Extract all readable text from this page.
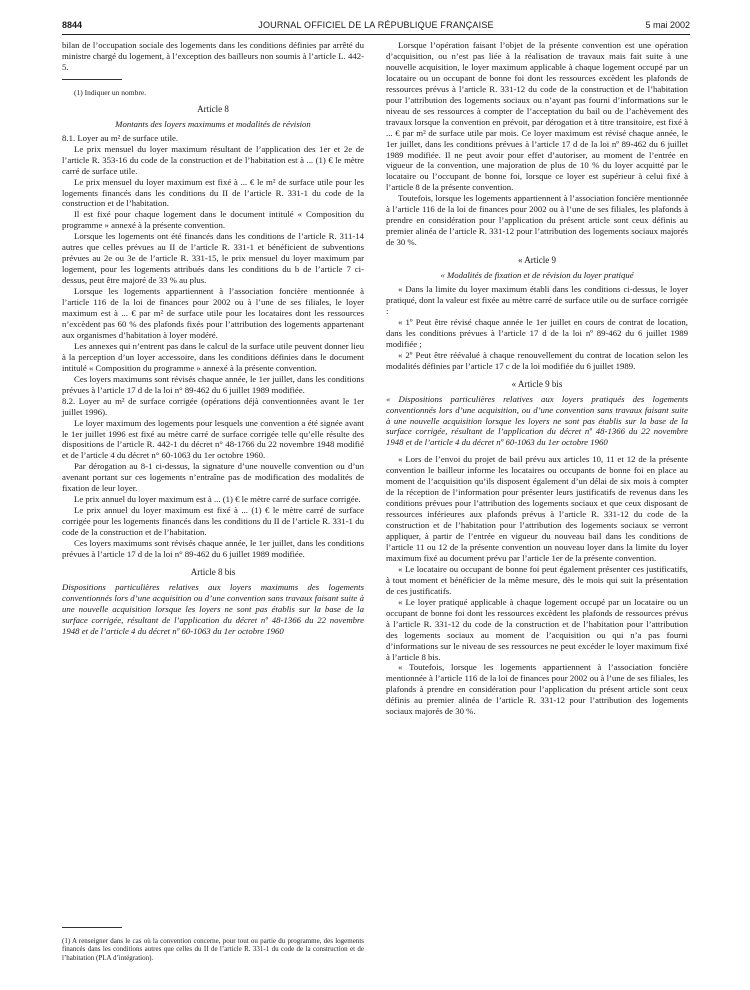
8844	JOURNAL OFFICIEL DE LA RÉPUBLIQUE FRANÇAISE	5 mai 2002

bilan de l’occupation sociale des logements dans les conditions définies par arrêté du ministre chargé du logement, à l’exception des bailleurs non soumis à l’article L. 442-5.

(1) Indiquer un nombre.

Article 8

Montants des loyers maximums et modalités de révision

8.1. Loyer au m² de surface utile.

Le prix mensuel du loyer maximum résultant de l’application des 1er et 2e de l’article R. 353-16 du code de la construction et de l’habitation est à ... (1) € le mètre carré de surface utile.

Le prix mensuel du loyer maximum est fixé à ... € le m² de surface utile pour les logements financés dans les conditions du II de l’article R. 331-1 du code de la construction et de l’habitation.

Il est fixé pour chaque logement dans le document intitulé « Composition du programme » annexé à la présente convention.

Lorsque les logements ont été financés dans les conditions de l’article R. 311-14 autres que celles prévues au II de l’article R. 331-1 et bénéficient de subventions prévues au 2e ou 3e de l’article R. 331-15, le prix mensuel du loyer maximum par logement, pour les logements attribués dans les conditions du b de l’article 7 ci-dessus, peut être majoré de 33 % au plus.

Lorsque les logements appartiennent à l’association foncière mentionnée à l’article 116 de la loi de finances pour 2002 ou à l’une de ses filiales, le loyer maximum est à ... € par m² de surface utile pour les locataires dont les ressources n’excèdent pas 60 % des plafonds fixés pour l’attribution des logements appartenant aux organismes d’habitation à loyer modéré.

Les annexes qui n’entrent pas dans le calcul de la surface utile peuvent donner lieu à la perception d’un loyer accessoire, dans les conditions définies dans le document intitulé « Composition du programme » annexé à la présente convention.

Ces loyers maximums sont révisés chaque année, le 1er juillet, dans les conditions prévues à l’article 17 d de la loi n° 89-462 du 6 juillet 1989 modifiée.

8.2. Loyer au m² de surface corrigée (opérations déjà conventionnées avant le 1er juillet 1996).

Le loyer maximum des logements pour lesquels une convention a été signée avant le 1er juillet 1996 est fixé au mètre carré de surface corrigée telle qu’elle résulte des dispositions de l’article R. 442-1 du décret n° 48-1766 du 22 novembre 1948 modifié et de l’article 4 du décret n° 60-1063 du 1er octobre 1960.

Par dérogation au 8-1 ci-dessus, la signature d’une nouvelle convention ou d’un avenant portant sur ces logements n’entraîne pas de modification des modalités de fixation de leur loyer.

Le prix annuel du loyer maximum est à ... (1) € le mètre carré de surface corrigée.

Le prix annuel du loyer maximum est fixé à ... (1) € le mètre carré de surface corrigée pour les logements financés dans les conditions du II de l’article R. 331-1 du code de la construction et de l’habitation.

Ces loyers maximums sont révisés chaque année, le 1er juillet, dans les conditions prévues à l’article 17 d de la loi n° 89-462 du 6 juillet 1989 modifiée.

Article 8 bis

Dispositions particulières relatives aux loyers maximums des logements conventionnés lors d’une acquisition ou d’une convention sans travaux faisant suite à une nouvelle acquisition lorsque les loyers ne sont pas établis sur la base de la surface corrigée, résultant de l’application du décret nº 48-1366 du 22 novembre 1948 et de l’article 4 du décret nº 60-1063 du 1er octobre 1960

(1) A renseigner dans le cas où la convention concerne, pour tout ou partie du programme, des logements financés dans les conditions autres que celles du II de l’article R. 331-1 du code de la construction et de l’habitation (PLA d’intégration).

Lorsque l’opération faisant l’objet de la présente convention est une opération d’acquisition, ou n’est pas liée à la réalisation de travaux mais fait suite à une nouvelle acquisition, le loyer maximum applicable à chaque logement occupé par un locataire ou un occupant de bonne foi dont les ressources excèdent les plafonds de ressources prévus à l’article R. 331-12 du code de la construction et de l’habitation pour l’attribution des logements sociaux ou n’ayant pas fourni d’informations sur le niveau de ses ressources à compter de l’acceptation du bail ou de l’achèvement des travaux lorsque la convention en prévoit, par dérogation et à titre transitoire, est fixé à ... € par m² de surface utile par mois. Ce loyer maximum est révisé chaque année, le 1er juillet, dans les conditions prévues à l’article 17 d de la loi nº 89-462 du 6 juillet 1989 modifiée. Il ne peut avoir pour effet d’autoriser, au moment de l’entrée en vigueur de la convention, une majoration de plus de 10 % du loyer acquitté par le locataire ou l’occupant de bonne foi, lorsque ce loyer est supérieur à celui fixé à l’article 8 de la présente convention.

Toutefois, lorsque les logements appartiennent à l’association foncière mentionnée à l’article 116 de la loi de finances pour 2002 ou à l’une de ses filiales, les plafonds à prendre en considération pour l’application du présent article sont ceux définis au premier alinéa de l’article R. 331-12 pour l’attribution des logements sociaux majorés de 30 %.

« Article 9

« Modalités de fixation et de révision du loyer pratiqué

« Dans la limite du loyer maximum établi dans les conditions ci-dessus, le loyer pratiqué, dont la valeur est fixée au mètre carré de surface utile ou de surface corrigée :

« 1º Peut être révisé chaque année le 1er juillet en cours de contrat de location, dans les conditions prévues à l’article 17 d de la loi nº 89-462 du 6 juillet 1989 modifiée ;

« 2º Peut être réévalué à chaque renouvellement du contrat de location selon les modalités définies par l’article 17 c de la loi modifiée du 6 juillet 1989.

« Article 9 bis

« Dispositions particulières relatives aux loyers pratiqués des logements conventionnés lors d’une acquisition, ou d’une convention sans travaux faisant suite à une nouvelle acquisition lorsque les loyers ne sont pas établis sur la base de la surface corrigée, résultant de l’application du décret nº 48-1366 du 22 novembre 1948 et de l’article 4 du décret nº 60-1063 du 1er octobre 1960

« Lors de l’envoi du projet de bail prévu aux articles 10, 11 et 12 de la présente convention le bailleur informe les locataires ou occupants de bonne foi en place au moment de l’acquisition qu’ils disposent également d’un délai de six mois à compter de la réception de l’information pour présenter leurs justificatifs de revenus dans les conditions prévues pour l’attribution des logements sociaux et que ceux disposant de ressources inférieures aux plafonds prévus à l’article R. 331-12 du code de la construction et de l’habitation pour l’attribution des logements sociaux se verront appliquer, à partir de l’entrée en vigueur du nouveau bail dans les conditions de l’article 11 ou 12 de la présente convention un nouveau loyer dans la limite du loyer maximum fixé au document prévu par l’article 1er de la présente convention.

« Le locataire ou occupant de bonne foi peut également présenter ces justificatifs, à tout moment et bénéficier de la même mesure, dès le mois qui suit la présentation de ces justificatifs.

« Le loyer pratiqué applicable à chaque logement occupé par un locataire ou un occupant de bonne foi dont les ressources excèdent les plafonds de ressources prévus à l’article R. 331-12 du code de la construction et de l’habitation pour l’attribution des logements sociaux au moment de l’acquisition ou qui n’a pas fourni d’informations sur le niveau de ses ressources ne peut excéder le loyer maximum fixé à l’article 8 bis.

« Toutefois, lorsque les logements appartiennent à l’association foncière mentionnée à l’article 116 de la loi de finances pour 2002 ou à l’une de ses filiales, les plafonds à prendre en considération pour l’application du présent article sont ceux définis au premier alinéa de l’article R. 331-12 pour l’attribution des logements sociaux majorés de 30 %.
